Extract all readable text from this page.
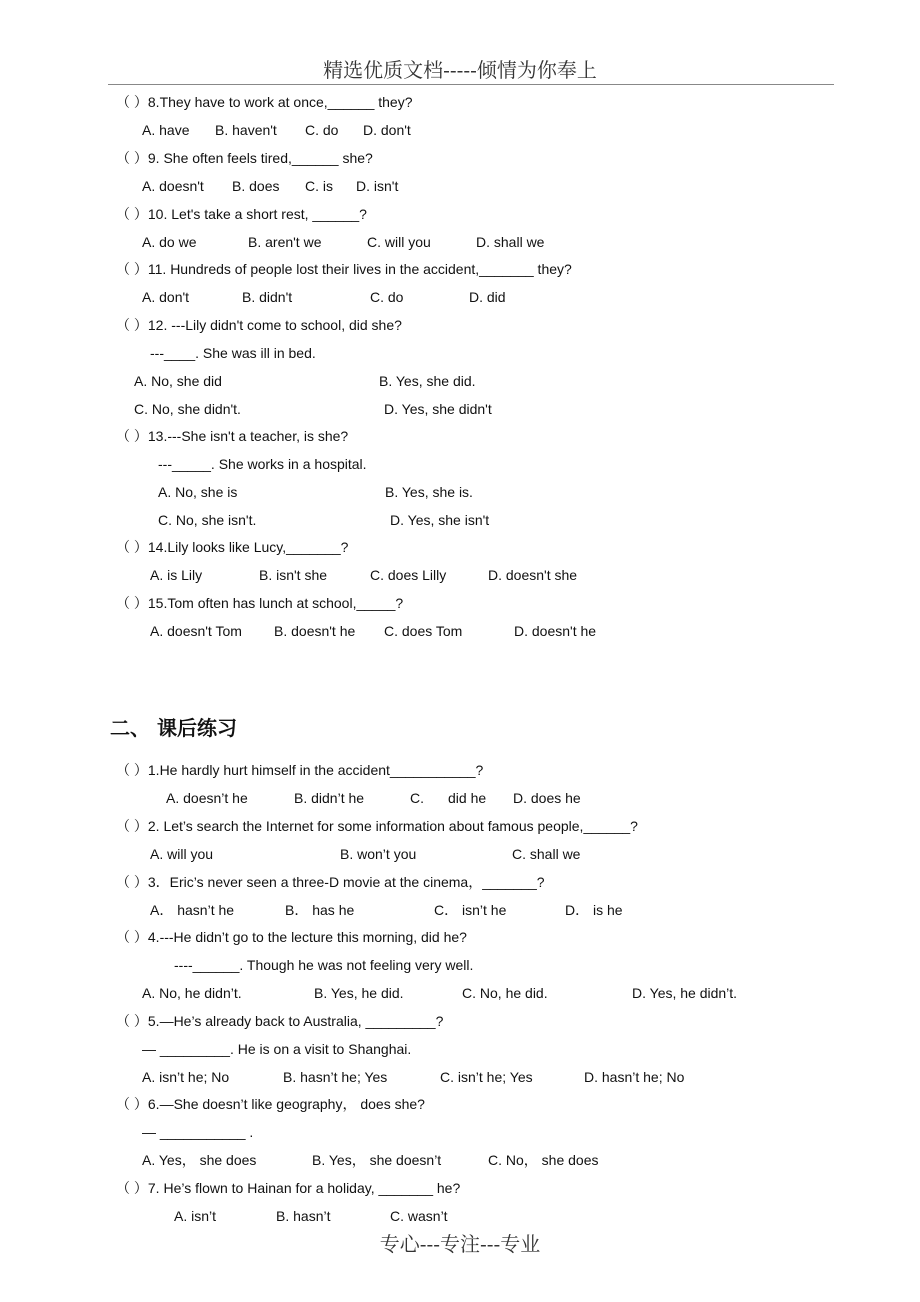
精选优质文档-----倾情为你奉上
（ ）8.They have to work at once,______ they?
A. have B. haven't C. do D. don't
（ ）9. She often feels tired,______ she?
A. doesn't B. does C. is D. isn't
（ ）10. Let's take a short rest, ______?
A. do we	B. aren't we	C. will you	D. shall we
（ ）11. Hundreds of people lost their lives in the accident,_______ they?
A. don't	B. didn't	C. do	D. did
（ ）12. ---Lily didn't come to school, did she?
---____. She was ill in bed.
A. No, she did	B. Yes, she did.
C. No, she didn't.	D. Yes, she didn't
（ ）13.---She isn't a teacher, is she?
---_____. She works in a hospital.
A. No, she is	B. Yes, she is.
C. No, she isn't.	D. Yes, she isn't
（ ）14.Lily looks like Lucy,_______?
A. is Lily	B. isn't she	C. does Lilly	D. doesn't she
（ ）15.Tom often has lunch at school,_____?
A. doesn't Tom B. doesn't he C. does Tom	D. doesn't he
二、 课后练习
（ ）1.He hardly hurt himself in the accident___________?
A. doesn’t he	B. didn’t he	C. did he D. does he
（ ）2. Let’s search the Internet for some information about famous people,______?
A. will you	B. won’t you	C. shall we
（ ）3．Eric’s never seen a three-D movie at the cinema，_______?
A． hasn’t he	B． has he	C． isn’t he	D． is he
（ ）4.---He didn’t go to the lecture this morning, did he?
----______. Though he was not feeling very well.
A. No, he didn’t.	B. Yes, he did.	C. No, he did.	D. Yes, he didn’t.
（ ）5.—He’s already back to Australia, _________?
— _________. He is on a visit to Shanghai.
A. isn’t he; No	B. hasn’t he; Yes	C. isn’t he; Yes	D. hasn’t he; No
（ ）6.—She doesn’t like geography， does she?
— ___________ .
A. Yes， she does	B. Yes， she doesn’t	C. No， she does
（ ）7. He’s flown to Hainan for a holiday, _______ he?
A. isn’t	B. hasn’t	C. wasn’t
专心---专注---专业
